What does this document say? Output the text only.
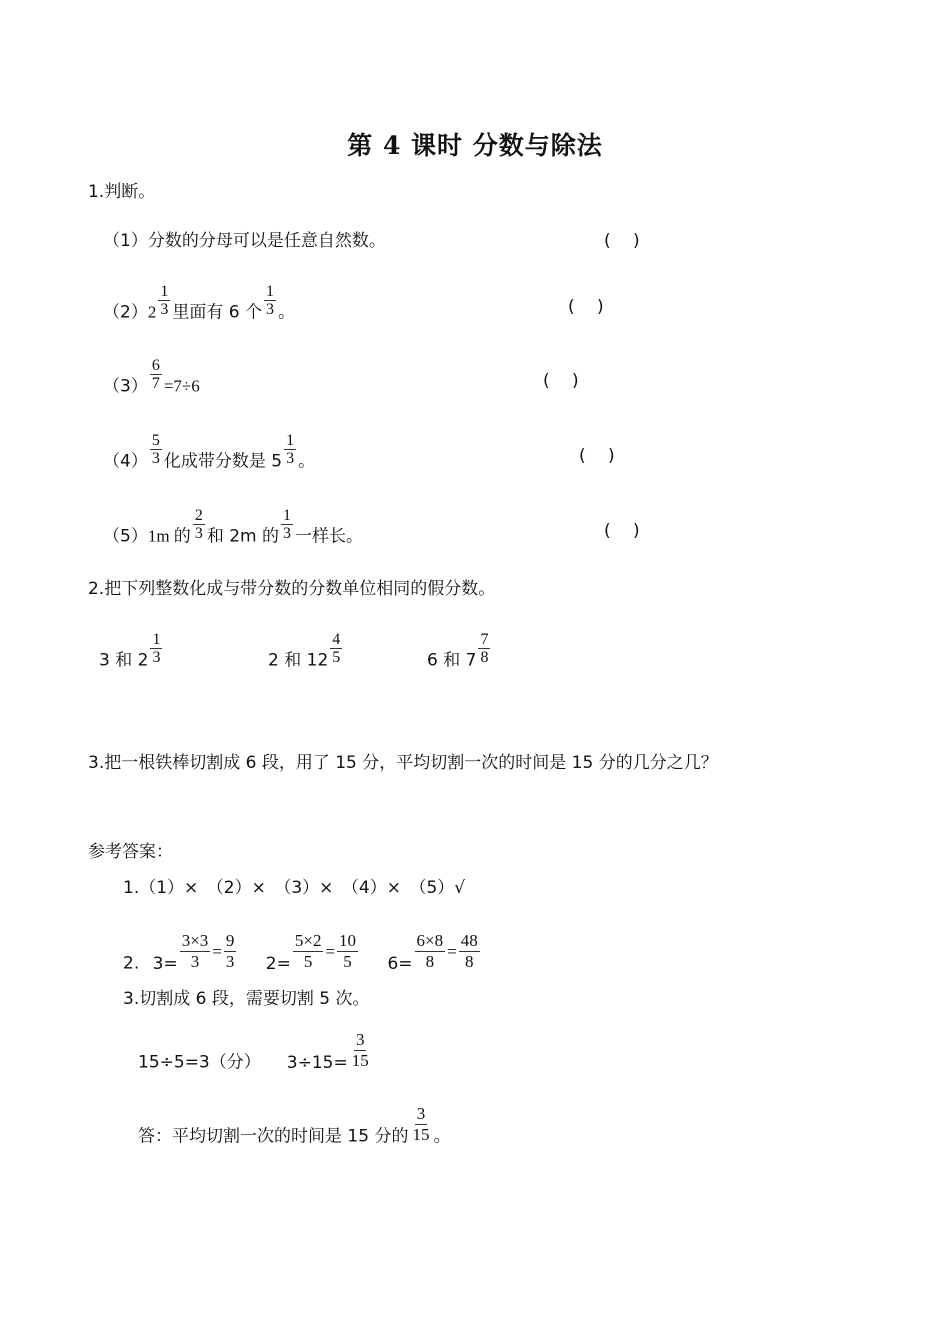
第 4 课时 分数与除法
1.判断。
（1）分数的分母可以是任意自然数。	(　 )
$(2)2 \frac{1}{3}$ 里面有 6 个 $\frac{1}{3}$ 。	(　 )
$(3) \frac{6}{7} =7\div 6$	(　 )
$(4) \frac{5}{3}$ 化成带分数是 $5 \frac{1}{3}$ 。	(　 )
（5）1m 的 $\frac{2}{3}$ 和 2m 的 $\frac{1}{3}$ 一样长。	(　 )
2.把下列整数化成与带分数的分数单位相同的假分数。
3 和 $2 \frac{1}{3}$	2 和 $12 \frac{4}{5}$	6 和 $7 \frac{7}{8}$
3.把一根铁棒切割成 6 段，用了 15 分，平均切割一次的时间是 15 分的几分之几？
参考答案：
1.（1）×　（2）×　（3）×　（4）×　（5）√
2. $3= \frac{3\times 3}{3} = \frac{9}{3} 2= \frac{5\times 2}{5} = \frac{10}{5} 6= \frac{6\times 8}{8} = \frac{48}{8}$
3.切割成 6 段，需要切割 5 次。
15÷5=3（分） $3\div 15= \frac{3}{15}$
答：平均切割一次的时间是 15 分的 $\frac{3}{15}$ 。
